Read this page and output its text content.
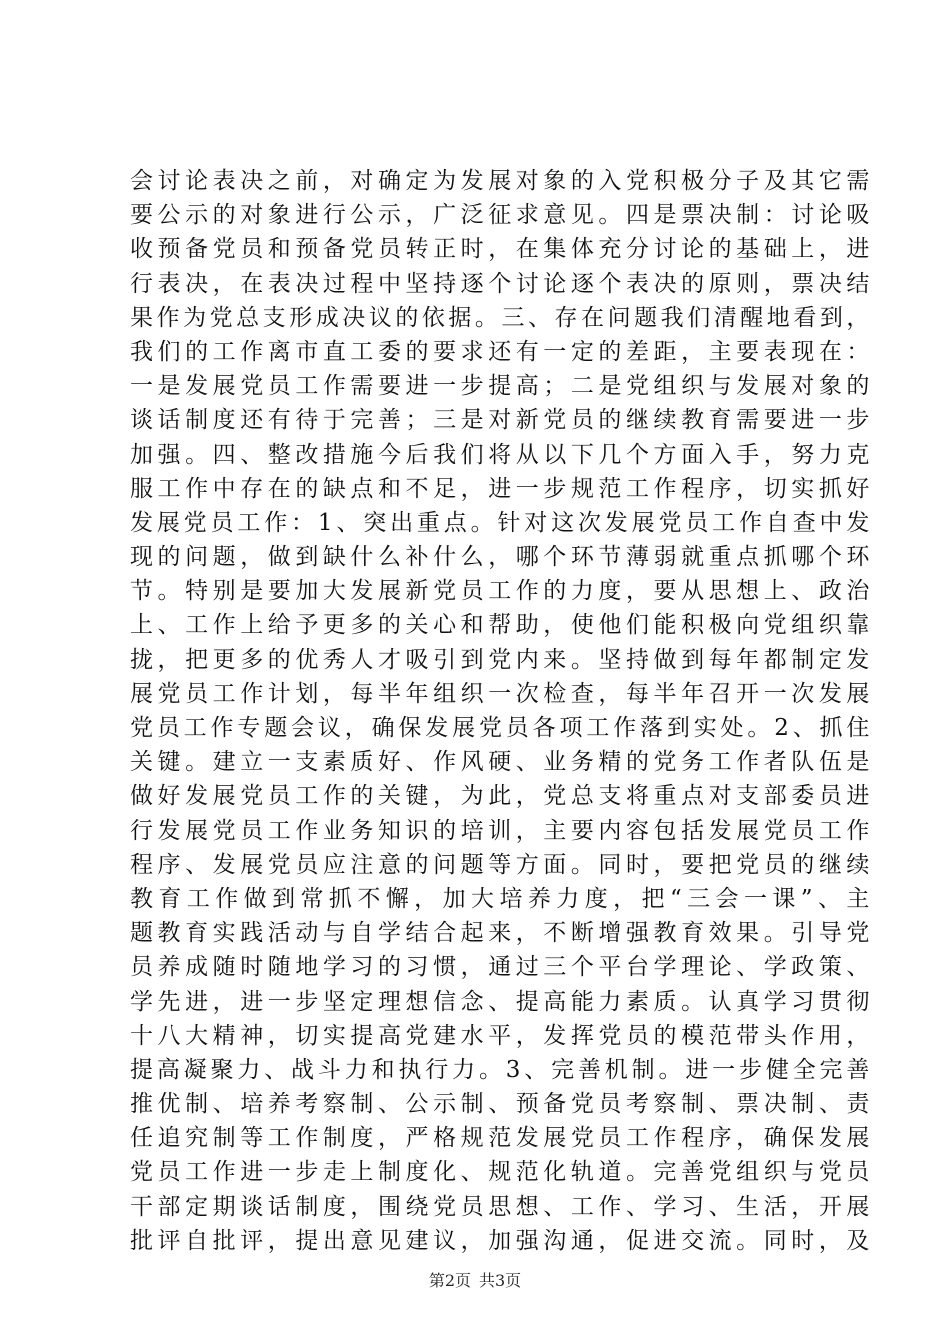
会讨论表决之前，对确定为发展对象的入党积极分子及其它需
要公示的对象进行公示，广泛征求意见。四是票决制：讨论吸
收预备党员和预备党员转正时，在集体充分讨论的基础上，进
行表决，在表决过程中坚持逐个讨论逐个表决的原则，票决结
果作为党总支形成决议的依据。三、存在问题我们清醒地看到，
我们的工作离市直工委的要求还有一定的差距，主要表现在：
一是发展党员工作需要进一步提高；二是党组织与发展对象的
谈话制度还有待于完善；三是对新党员的继续教育需要进一步
加强。四、整改措施今后我们将从以下几个方面入手，努力克
服工作中存在的缺点和不足，进一步规范工作程序，切实抓好
发展党员工作：1、突出重点。针对这次发展党员工作自查中发
现的问题，做到缺什么补什么，哪个环节薄弱就重点抓哪个环
节。特别是要加大发展新党员工作的力度，要从思想上、政治
上、工作上给予更多的关心和帮助，使他们能积极向党组织靠
拢，把更多的优秀人才吸引到党内来。坚持做到每年都制定发
展党员工作计划，每半年组织一次检查，每半年召开一次发展
党员工作专题会议，确保发展党员各项工作落到实处。2、抓住
关键。建立一支素质好、作风硬、业务精的党务工作者队伍是
做好发展党员工作的关键，为此，党总支将重点对支部委员进
行发展党员工作业务知识的培训，主要内容包括发展党员工作
程序、发展党员应注意的问题等方面。同时，要把党员的继续
教育工作做到常抓不懈，加大培养力度，把“三会一课”、主
题教育实践活动与自学结合起来，不断增强教育效果。引导党
员养成随时随地学习的习惯，通过三个平台学理论、学政策、
学先进，进一步坚定理想信念、提高能力素质。认真学习贯彻
十八大精神，切实提高党建水平，发挥党员的模范带头作用，
提高凝聚力、战斗力和执行力。3、完善机制。进一步健全完善
推优制、培养考察制、公示制、预备党员考察制、票决制、责
任追究制等工作制度，严格规范发展党员工作程序，确保发展
党员工作进一步走上制度化、规范化轨道。完善党组织与党员
干部定期谈话制度，围绕党员思想、工作、学习、生活，开展
批评自批评，提出意见建议，加强沟通，促进交流。同时，及
第2页 共3页
